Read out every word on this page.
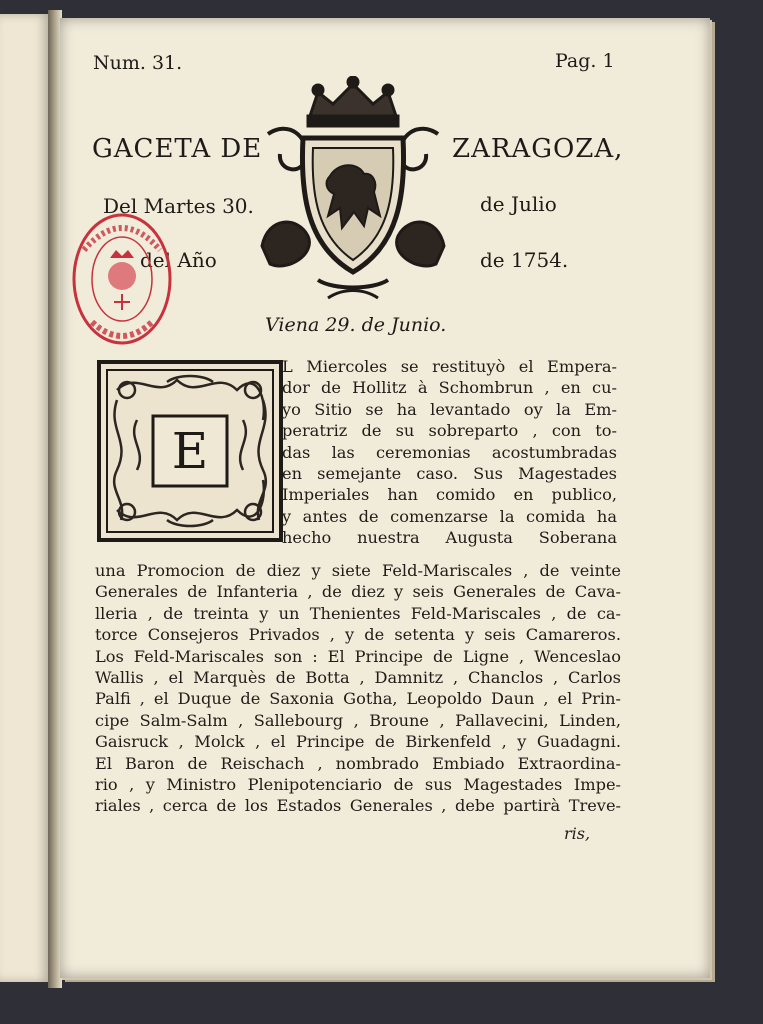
Num. 31.	Pag. 1
GACETA DE	ZARAGOZA,
Del Martes 30.	de Julio
del Año	de 1754.
Viena 29. de Junio.
E
L Miercoles se restituyò el Empera-
dor de Hollitz à Schombrun , en cu-
yo Sitio se ha levantado oy la Em-
peratriz de su sobreparto , con to-
das las ceremonias acostumbradas
en semejante caso. Sus Magestades
Imperiales han comido en publico,
y antes de comenzarse la comida ha
hecho nuestra Augusta Soberana
una Promocion de diez y siete Feld-Mariscales , de veinte
Generales de Infanteria , de diez y seis Generales de Cava-
lleria , de treinta y un Thenientes Feld-Mariscales , de ca-
torce Consejeros Privados , y de setenta y seis Camareros.
Los Feld-Mariscales son : El Principe de Ligne , Wenceslao
Wallis , el Marquès de Botta , Damnitz , Chanclos , Carlos
Palfi , el Duque de Saxonia Gotha, Leopoldo Daun , el Prin-
cipe Salm-Salm , Sallebourg , Broune , Pallavecini, Linden,
Gaisruck , Molck , el Principe de Birkenfeld , y Guadagni.
El Baron de Reischach , nombrado Embiado Extraordina-
rio , y Ministro Plenipotenciario de sus Magestades Impe-
riales , cerca de los Estados Generales , debe partirà Treve-
ris,
